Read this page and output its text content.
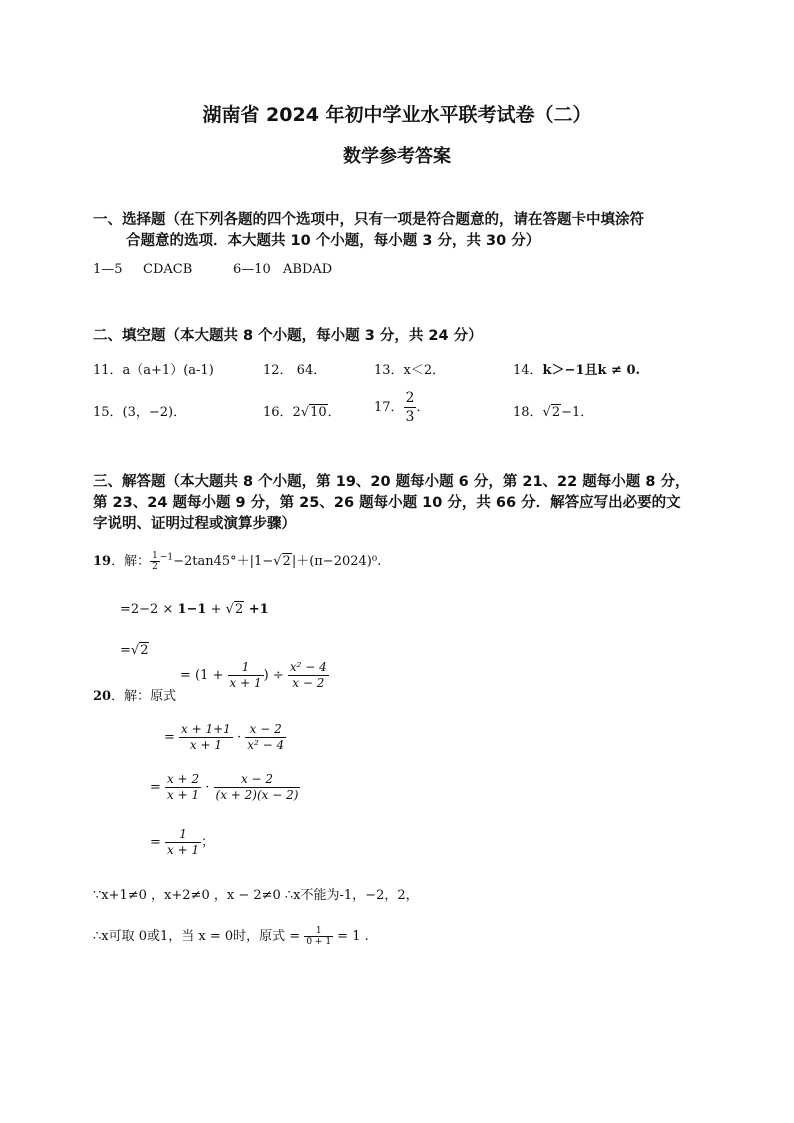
湖南省 2024 年初中学业水平联考试卷（二）
数学参考答案
一、选择题（在下列各题的四个选项中，只有一项是符合题意的，请在答题卡中填涂符
合题意的选项．本大题共 10 个小题，每小题 3 分，共 30 分）
1—5 CDACB	6—10 ABDAD
二、填空题（本大题共 8 个小题，每小题 3 分，共 24 分）
11．a（a+1）(a-1)	12． 64．	13．x＜2．	14．k＞−1且k ≠ 0.
15．(3，−2)．	16．2√10．	17． $\frac{2}{3}$ ．	18．√2−1．
三、解答题（本大题共 8 个小题，第 19、20 题每小题 6 分，第 21、22 题每小题 8 分，
第 23、24 题每小题 9 分，第 25、26 题每小题 10 分，共 66 分．解答应写出必要的文
字说明、证明过程或演算步骤）
19．解： $\frac{1}{2} ^{-1}-2\tan 45^\circ+|1-√2|+(\pi-2024)^0$.
=2−2 × 1−1 + √2 +1
=√2
20．解：原式
= ($1 + \frac{1}{x + 1}$ ) ÷ $\frac{\text{x² − 4}}{x - 2}$
= $\frac{x + 1+1}{x + 1} \cdot \frac{x - 2}{\text{x² − 4}}$
= $\frac{x + 2}{x + 1} \cdot \frac{x - 2}{(x + 2)(x - 2)}$
= $\frac{1}{x + 1}$ ；
∵x+1≠0 ，x+2≠0 ，x − 2≠0 ∴x不能为-1，−2，2，
∴x可取 0或1，当 x = 0时，原式 = $\frac{1}{0 + 1} = 1$ .
